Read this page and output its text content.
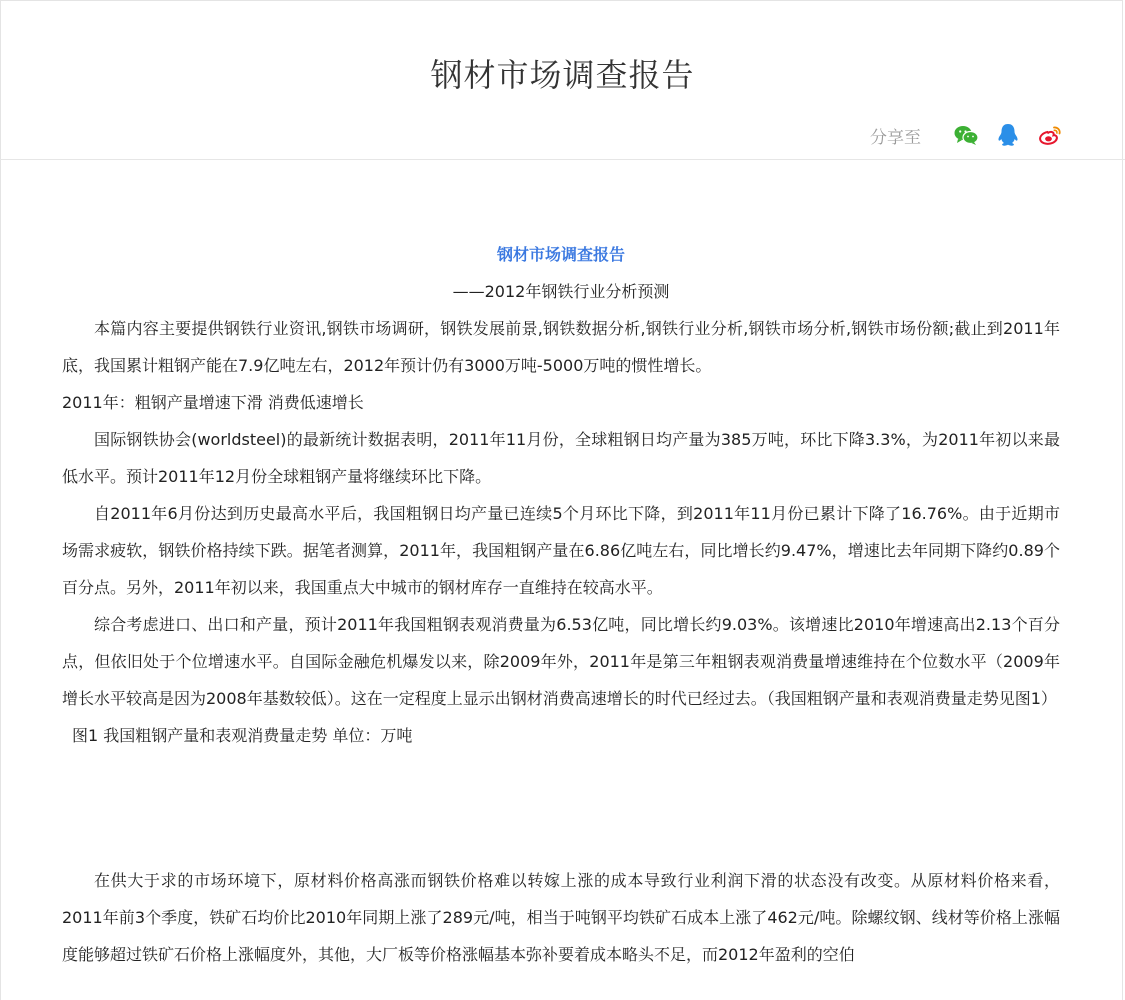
钢材市场调查报告
分享至
钢材市场调查报告
——2012年钢铁行业分析预测

本篇内容主要提供钢铁行业资讯,钢铁市场调研，钢铁发展前景,钢铁数据分析,钢铁行业分析,钢铁市场分析,钢铁市场份额;截止到2011年底，我国累计粗钢产能在7.9亿吨左右，2012年预计仍有3000万吨-5000万吨的惯性增长。

2011年：粗钢产量增速下滑 消费低速增长

国际钢铁协会(worldsteel)的最新统计数据表明，2011年11月份，全球粗钢日均产量为385万吨，环比下降3.3%，为2011年初以来最低水平。预计2011年12月份全球粗钢产量将继续环比下降。

自2011年6月份达到历史最高水平后，我国粗钢日均产量已连续5个月环比下降，到2011年11月份已累计下降了16.76%。由于近期市场需求疲软，钢铁价格持续下跌。据笔者测算，2011年，我国粗钢产量在6.86亿吨左右，同比增长约9.47%，增速比去年同期下降约0.89个百分点。另外，2011年初以来，我国重点大中城市的钢材库存一直维持在较高水平。

综合考虑进口、出口和产量，预计2011年我国粗钢表观消费量为6.53亿吨，同比增长约9.03%。该增速比2010年增速高出2.13个百分点，但依旧处于个位增速水平。自国际金融危机爆发以来，除2009年外，2011年是第三年粗钢表观消费量增速维持在个位数水平（2009年增长水平较高是因为2008年基数较低）。这在一定程度上显示出钢材消费高速增长的时代已经过去。（我国粗钢产量和表观消费量走势见图1）

图1 我国粗钢产量和表观消费量走势 单位：万吨

在供大于求的市场环境下，原材料价格高涨而钢铁价格难以转嫁上涨的成本导致行业利润下滑的状态没有改变。从原材料价格来看，2011年前3个季度，铁矿石均价比2010年同期上涨了289元/吨，相当于吨钢平均铁矿石成本上涨了462元/吨。除螺纹钢、线材等价格上涨幅度能够超过铁矿石价格上涨幅度外，其他，大厂板等价格涨幅基本弥补要着成本略头不足，而2012年盈利的空伯
